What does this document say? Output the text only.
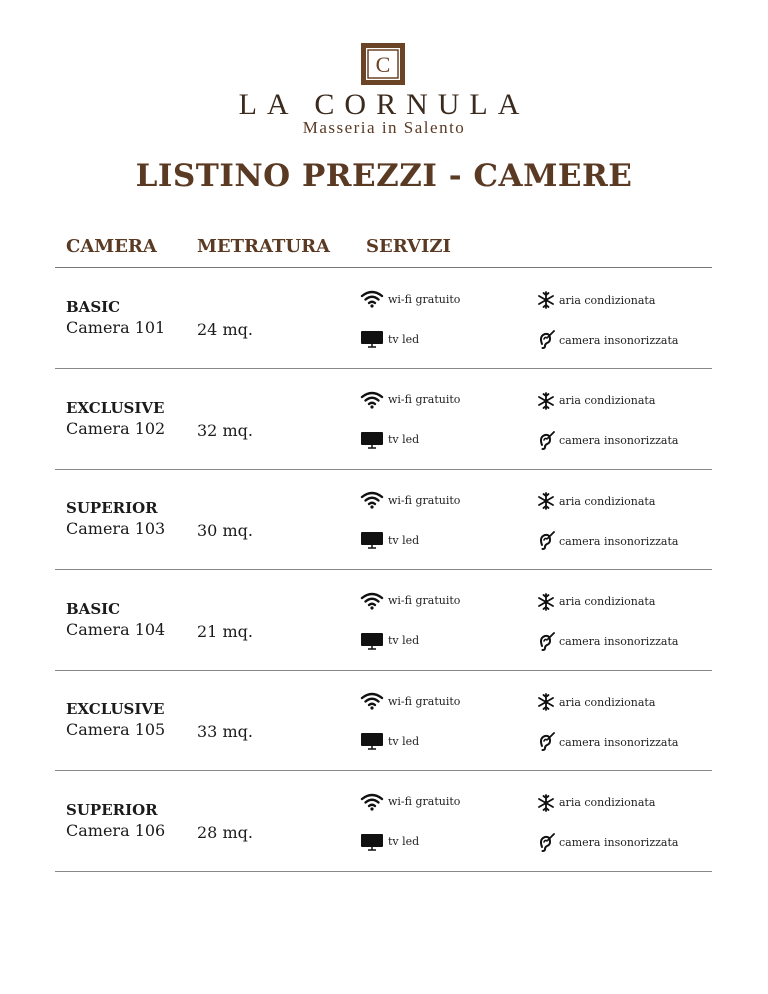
C
LA CORNULA
Masseria in Salento
LISTINO PREZZI - CAMERE
CAMERA METRATURA SERVIZI
BASIC
Camera 101 24 mq.
wi-fi gratuito	aria condizionata
tv led	camera insonorizzata
EXCLUSIVE
Camera 102 32 mq.
wi-fi gratuito	aria condizionata
tv led	camera insonorizzata
SUPERIOR
Camera 103 30 mq.
wi-fi gratuito	aria condizionata
tv led	camera insonorizzata
BASIC
Camera 104 21 mq.
wi-fi gratuito	aria condizionata
tv led	camera insonorizzata
EXCLUSIVE
Camera 105 33 mq.
wi-fi gratuito	aria condizionata
tv led	camera insonorizzata
SUPERIOR
Camera 106 28 mq.
wi-fi gratuito	aria condizionata
tv led	camera insonorizzata
